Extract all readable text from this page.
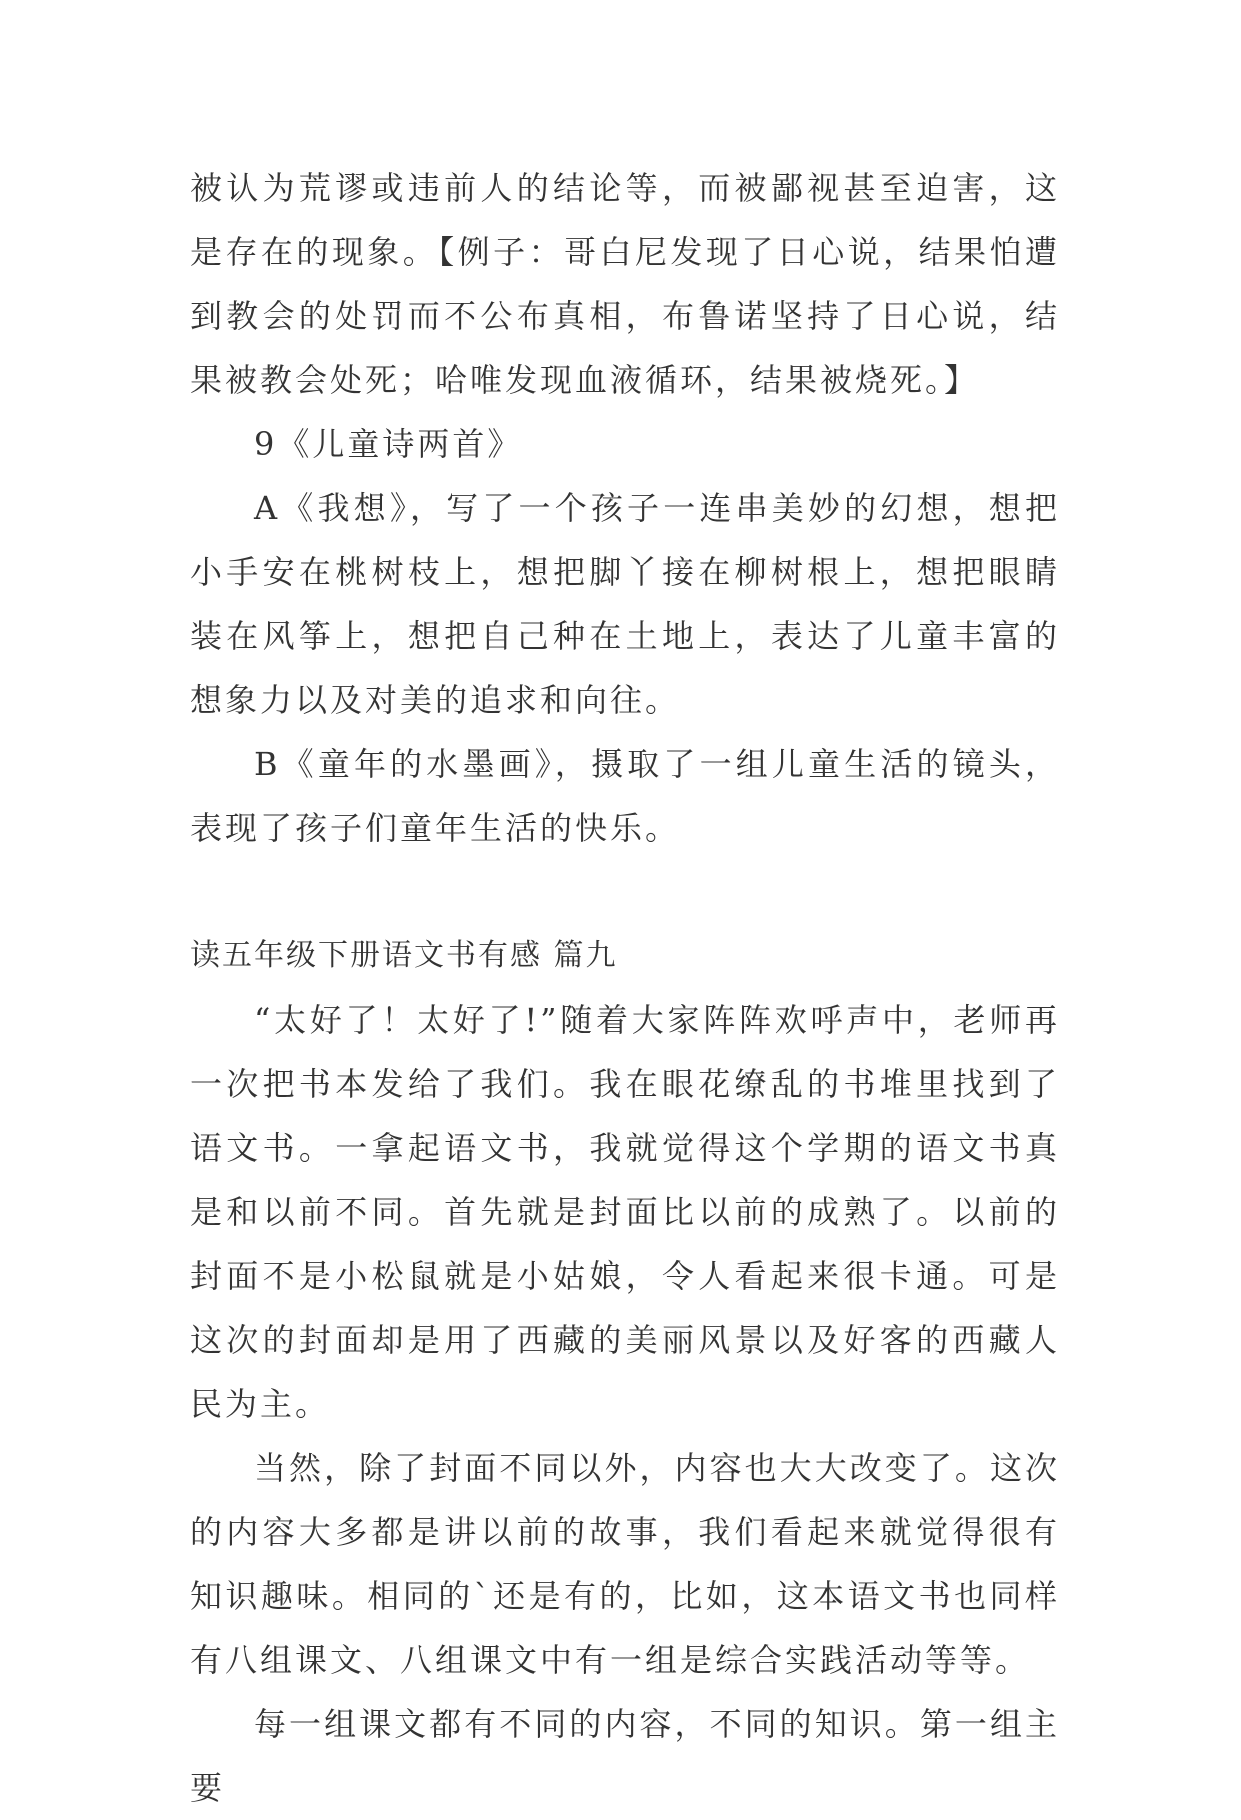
被认为荒谬或违前人的结论等，而被鄙视甚至迫害，这是存在的现象。【例子：哥白尼发现了日心说，结果怕遭到教会的处罚而不公布真相，布鲁诺坚持了日心说，结果被教会处死；哈唯发现血液循环，结果被烧死。】

9《儿童诗两首》

A《我想》，写了一个孩子一连串美妙的幻想，想把小手安在桃树枝上，想把脚丫接在柳树根上，想把眼睛装在风筝上，想把自己种在土地上，表达了儿童丰富的想象力以及对美的追求和向往。

B《童年的水墨画》，摄取了一组儿童生活的镜头，表现了孩子们童年生活的快乐。

读五年级下册语文书有感 篇九

“太好了！太好了!”随着大家阵阵欢呼声中，老师再一次把书本发给了我们。我在眼花缭乱的书堆里找到了语文书。一拿起语文书，我就觉得这个学期的语文书真是和以前不同。首先就是封面比以前的成熟了。以前的封面不是小松鼠就是小姑娘，令人看起来很卡通。可是这次的封面却是用了西藏的美丽风景以及好客的西藏人民为主。

当然，除了封面不同以外，内容也大大改变了。这次的内容大多都是讲以前的故事，我们看起来就觉得很有知识趣味。相同的`还是有的，比如，这本语文书也同样有八组课文、八组课文中有一组是综合实践活动等等。

每一组课文都有不同的内容，不同的知识。第一组主要
